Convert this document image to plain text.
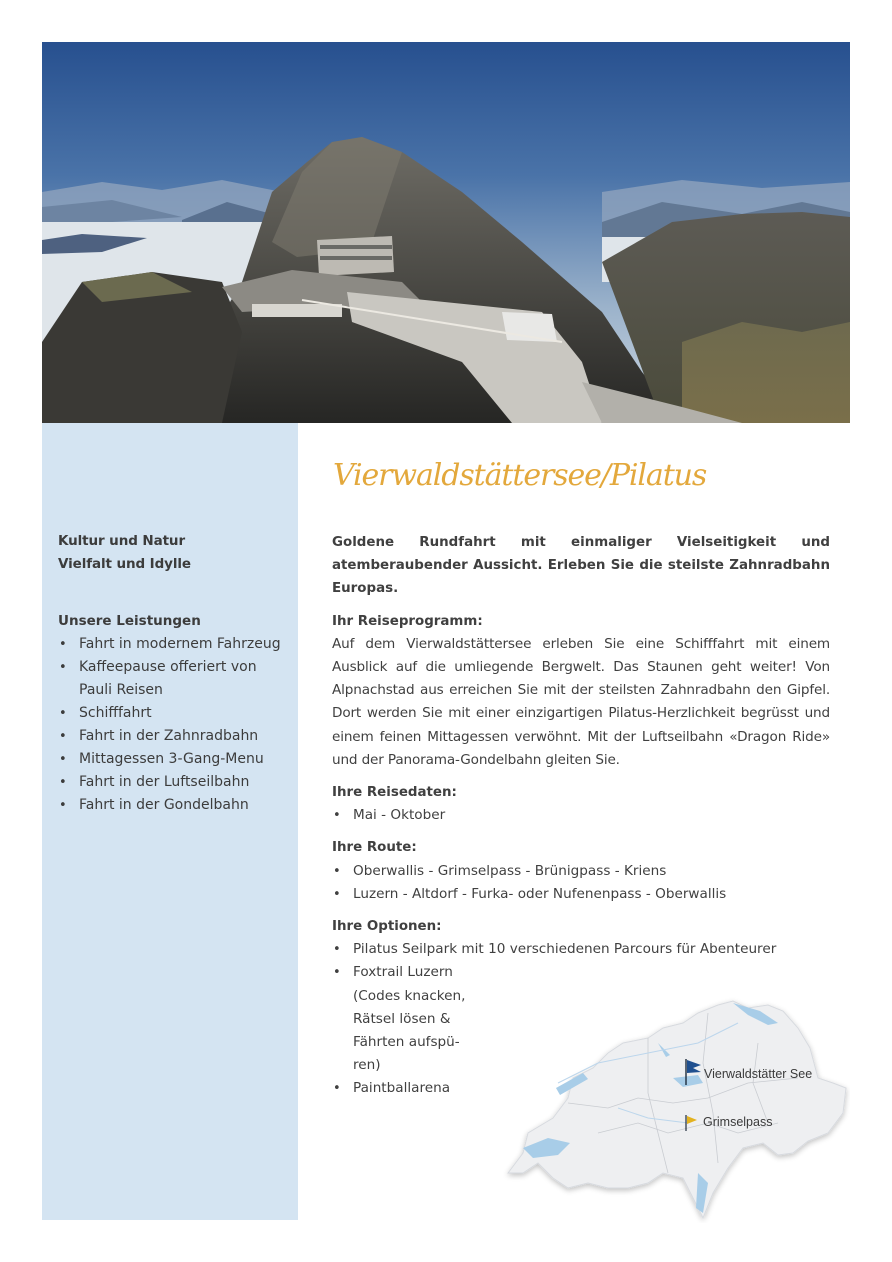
Kultur und Natur
Vielfalt und Idylle
Unsere Leistungen
• Fahrt in modernem Fahrzeug
• Kaffeepause offeriert von Pauli Reisen
• Schifffahrt
• Fahrt in der Zahnradbahn
• Mittagessen 3-Gang-Menu
• Fahrt in der Luftseilbahn
• Fahrt in der Gondelbahn
Vierwaldstättersee/Pilatus
Goldene Rundfahrt mit einmaliger Vielseitigkeit und atemberaubender Aussicht. Erleben Sie die steilste Zahnradbahn Europas.
Ihr Reiseprogramm:
Auf dem Vierwaldstättersee erleben Sie eine Schifffahrt mit einem Ausblick auf die umliegende Bergwelt. Das Staunen geht weiter! Von Alpnachstad aus erreichen Sie mit der steilsten Zahnradbahn den Gipfel. Dort werden Sie mit einer einzigartigen Pilatus-Herzlichkeit begrüsst und einem feinen Mittagessen verwöhnt. Mit der Luftseilbahn «Dragon Ride» und der Panorama-Gondelbahn gleiten Sie.
Ihre Reisedaten:
• Mai - Oktober
Ihre Route:
• Oberwallis - Grimselpass - Brünigpass - Kriens
• Luzern - Altdorf - Furka- oder Nufenenpass - Oberwallis
Ihre Optionen:
• Pilatus Seilpark mit 10 verschiedenen Parcours für Abenteurer
• Foxtrail Luzern (Codes knacken, Rätsel lösen & Fährten aufspü-ren)
• Paintballarena
Vierwaldstätter See
Grimselpass
